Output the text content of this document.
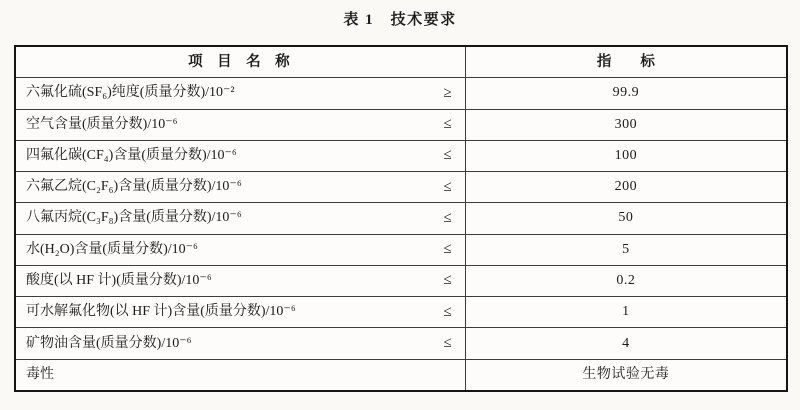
表 1　技术要求
项　目　名　称	指　　标
六氟化硫(SF₆)纯度(质量分数)/10⁻²	≥	99.9
空气含量(质量分数)/10⁻⁶	≤	300
四氟化碳(CF₄)含量(质量分数)/10⁻⁶	≤	100
六氟乙烷(C₂F₆)含量(质量分数)/10⁻⁶	≤	200
八氟丙烷(C₃F₈)含量(质量分数)/10⁻⁶	≤	50
水(H₂O)含量(质量分数)/10⁻⁶	≤	5
酸度(以 HF 计)(质量分数)/10⁻⁶	≤	0.2
可水解氟化物(以 HF 计)含量(质量分数)/10⁻⁶	≤	1
矿物油含量(质量分数)/10⁻⁶	≤	4
毒性	生物试验无毒
